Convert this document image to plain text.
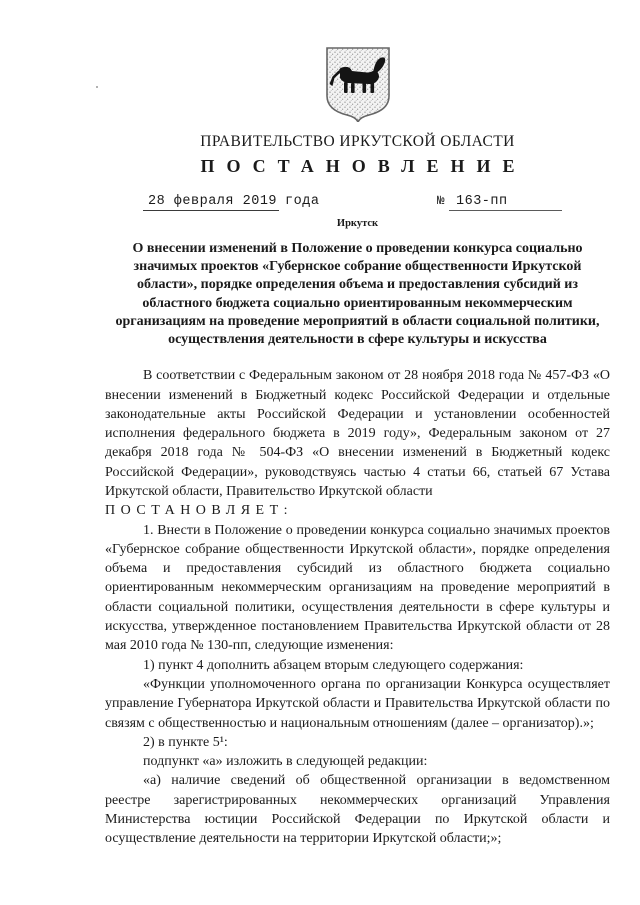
ПРАВИТЕЛЬСТВО ИРКУТСКОЙ ОБЛАСТИ
ПОСТАНОВЛЕНИЕ
28 февраля 2019 года	№ 163-пп
Иркутск
О внесении изменений в Положение о проведении конкурса социально значимых проектов «Губернское собрание общественности Иркутской области», порядке определения объема и предоставления субсидий из областного бюджета социально ориентированным некоммерческим организациям на проведение мероприятий в области социальной политики, осуществления деятельности в сфере культуры и искусства

В соответствии с Федеральным законом от 28 ноября 2018 года № 457-ФЗ «О внесении изменений в Бюджетный кодекс Российской Федерации и отдельные законодательные акты Российской Федерации и установлении особенностей исполнения федерального бюджета в 2019 году», Федеральным законом от 27 декабря 2018 года № 504-ФЗ «О внесении изменений в Бюджетный кодекс Российской Федерации», руководствуясь частью 4 статьи 66, статьей 67 Устава Иркутской области, Правительство Иркутской области

ПОСТАНОВЛЯЕТ:

1. Внести в Положение о проведении конкурса социально значимых проектов «Губернское собрание общественности Иркутской области», порядке определения объема и предоставления субсидий из областного бюджета социально ориентированным некоммерческим организациям на проведение мероприятий в области социальной политики, осуществления деятельности в сфере культуры и искусства, утвержденное постановлением Правительства Иркутской области от 28 мая 2010 года № 130-пп, следующие изменения:

1) пункт 4 дополнить абзацем вторым следующего содержания:

«Функции уполномоченного органа по организации Конкурса осуществляет управление Губернатора Иркутской области и Правительства Иркутской области по связям с общественностью и национальным отношениям (далее – организатор).»;

2) в пункте 5¹:

подпункт «а» изложить в следующей редакции:

«а) наличие сведений об общественной организации в ведомственном реестре зарегистрированных некоммерческих организаций Управления Министерства юстиции Российской Федерации по Иркутской области и осуществление деятельности на территории Иркутской области;»;
